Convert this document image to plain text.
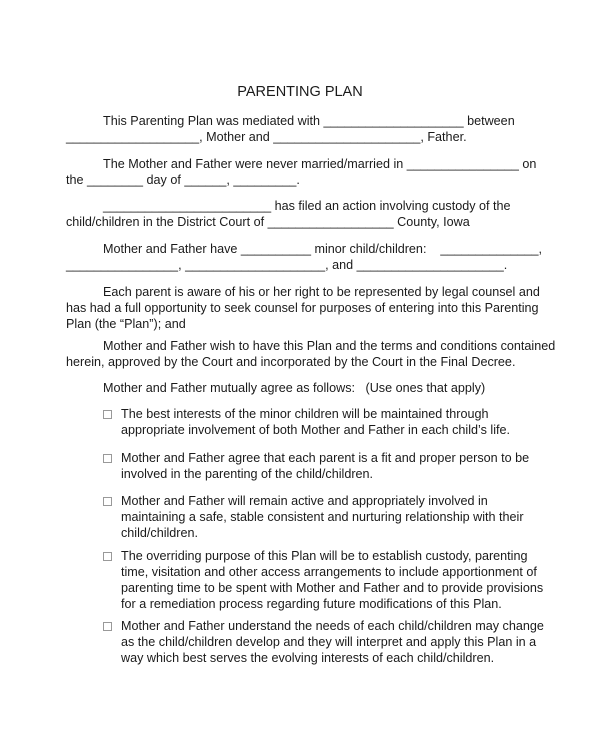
PARENTING PLAN
This Parenting Plan was mediated with ____________________ between
___________________, Mother and _____________________, Father.
The Mother and Father were never married/married in ________________ on
the ________ day of ______, _________.
________________________ has filed an action involving custody of the
child/children in the District Court of __________________ County, Iowa
Mother and Father have __________ minor child/children:    ______________,
________________, ____________________, and _____________________.
Each parent is aware of his or her right to be represented by legal counsel and
has had a full opportunity to seek counsel for purposes of entering into this Parenting
Plan (the “Plan”); and
Mother and Father wish to have this Plan and the terms and conditions contained
herein, approved by the Court and incorporated by the Court in the Final Decree.
Mother and Father mutually agree as follows:   (Use ones that apply)
The best interests of the minor children will be maintained through
appropriate involvement of both Mother and Father in each child’s life.
Mother and Father agree that each parent is a fit and proper person to be
involved in the parenting of the child/children.
Mother and Father will remain active and appropriately involved in
maintaining a safe, stable consistent and nurturing relationship with their
child/children.
The overriding purpose of this Plan will be to establish custody, parenting
time, visitation and other access arrangements to include apportionment of
parenting time to be spent with Mother and Father and to provide provisions
for a remediation process regarding future modifications of this Plan.
Mother and Father understand the needs of each child/children may change
as the child/children develop and they will interpret and apply this Plan in a
way which best serves the evolving interests of each child/children.
